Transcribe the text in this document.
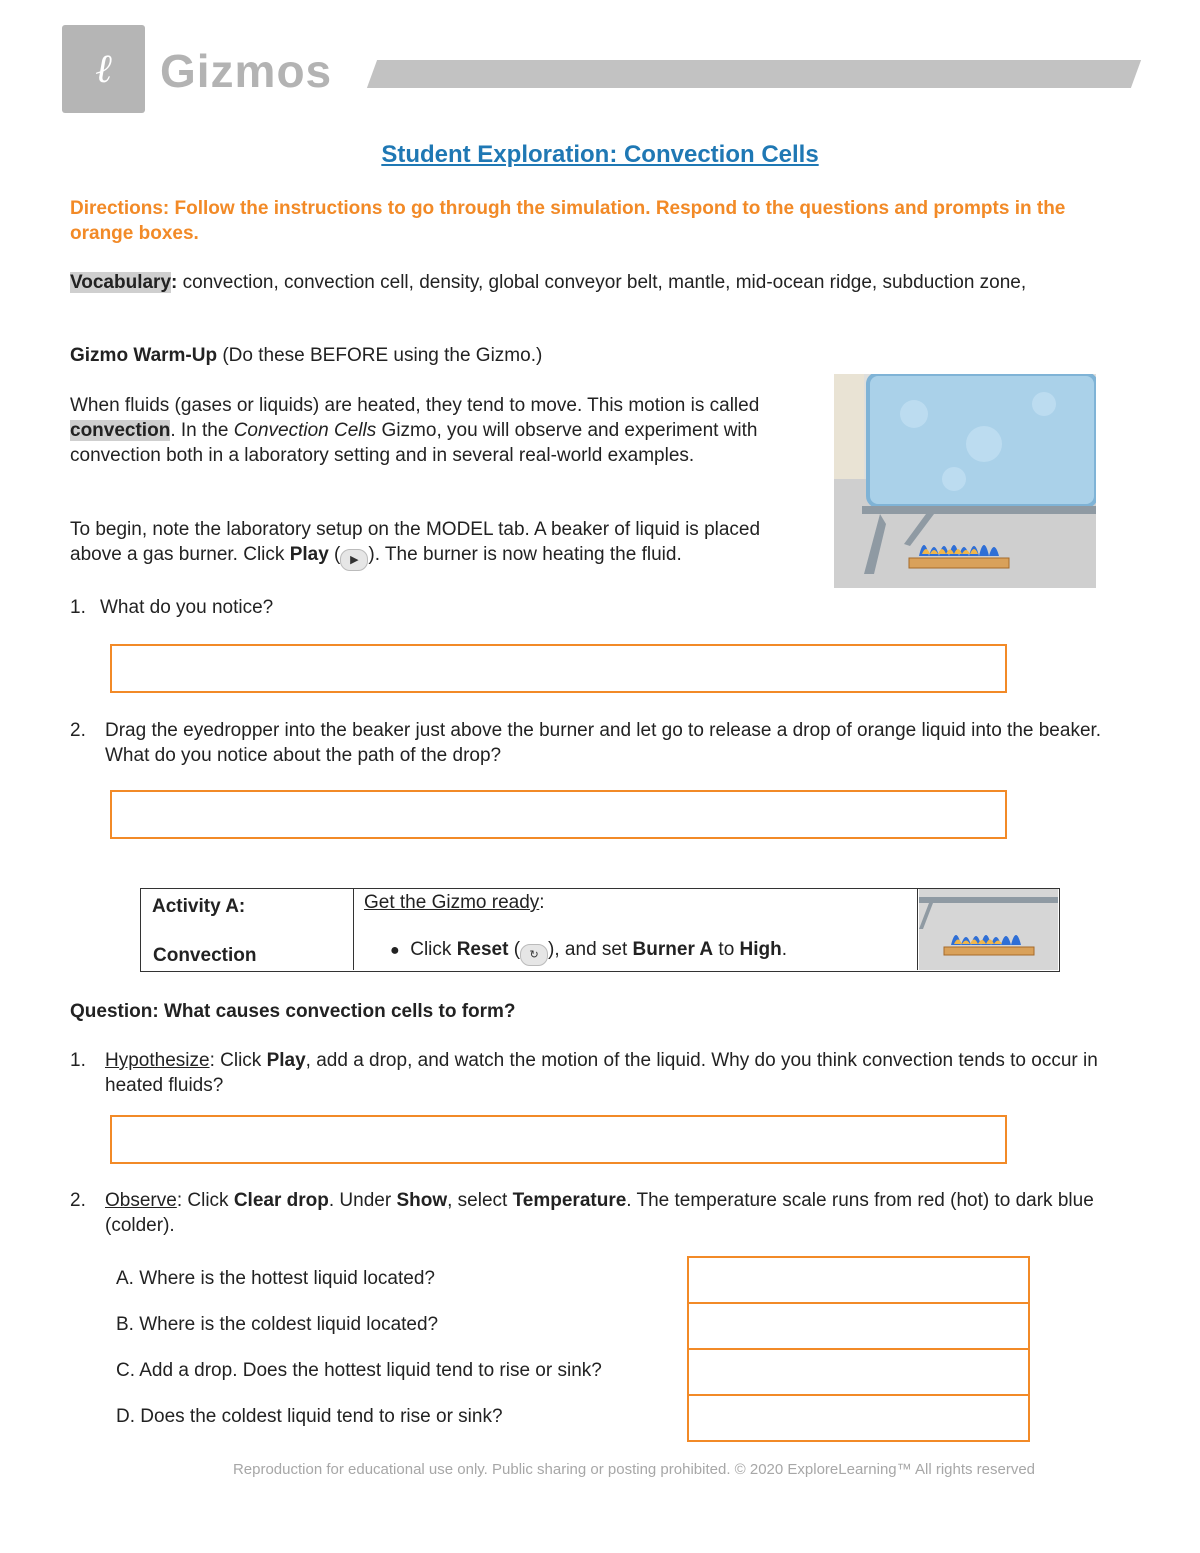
ℓ	Gizmos
Student Exploration: Convection Cells
Directions: Follow the instructions to go through the simulation. Respond to the questions and prompts in the orange boxes.
Vocabulary: convection, convection cell, density, global conveyor belt, mantle, mid-ocean ridge, subduction zone,
Gizmo Warm-Up (Do these BEFORE using the Gizmo.)
When fluids (gases or liquids) are heated, they tend to move. This motion is called convection. In the Convection Cells Gizmo, you will observe and experiment with convection both in a laboratory setting and in several real-world examples.
To begin, note the laboratory setup on the MODEL tab. A beaker of liquid is placed above a gas burner. Click Play ( ▶ ). The burner is now heating the fluid.
1. What do you notice?
2.	Drag the eyedropper into the beaker just above the burner and let go to release a drop of orange liquid into the beaker. What do you notice about the path of the drop?
Activity A:
Convection
Get the Gizmo ready:
● Click Reset ( ↻ ), and set Burner A to High.
Question: What causes convection cells to form?
1.	Hypothesize: Click Play, add a drop, and watch the motion of the liquid. Why do you think convection tends to occur in heated fluids?
2.	Observe: Click Clear drop. Under Show, select Temperature. The temperature scale runs from red (hot) to dark blue (colder).
A. Where is the hottest liquid located?
B. Where is the coldest liquid located?
C. Add a drop. Does the hottest liquid tend to rise or sink?
D. Does the coldest liquid tend to rise or sink?
Reproduction for educational use only. Public sharing or posting prohibited. © 2020 ExploreLearning™ All rights reserved
